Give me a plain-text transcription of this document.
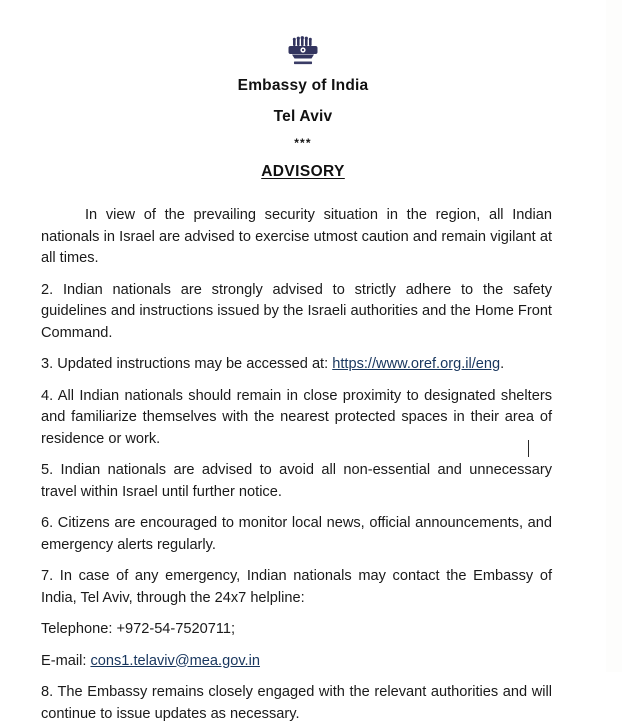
Embassy of India
Tel Aviv
***
ADVISORY

In view of the prevailing security situation in the region, all Indian nationals in Israel are advised to exercise utmost caution and remain vigilant at all times.

2. Indian nationals are strongly advised to strictly adhere to the safety guidelines and instructions issued by the Israeli authorities and the Home Front Command.

3. Updated instructions may be accessed at: https://www.oref.org.il/eng.

4. All Indian nationals should remain in close proximity to designated shelters and familiarize themselves with the nearest protected spaces in their area of residence or work.

5. Indian nationals are advised to avoid all non-essential and unnecessary travel within Israel until further notice.

6. Citizens are encouraged to monitor local news, official announcements, and emergency alerts regularly.

7. In case of any emergency, Indian nationals may contact the Embassy of India, Tel Aviv, through the 24x7 helpline:

Telephone: +972-54-7520711;

E-mail: cons1.telaviv@mea.gov.in

8. The Embassy remains closely engaged with the relevant authorities and will continue to issue updates as necessary.
